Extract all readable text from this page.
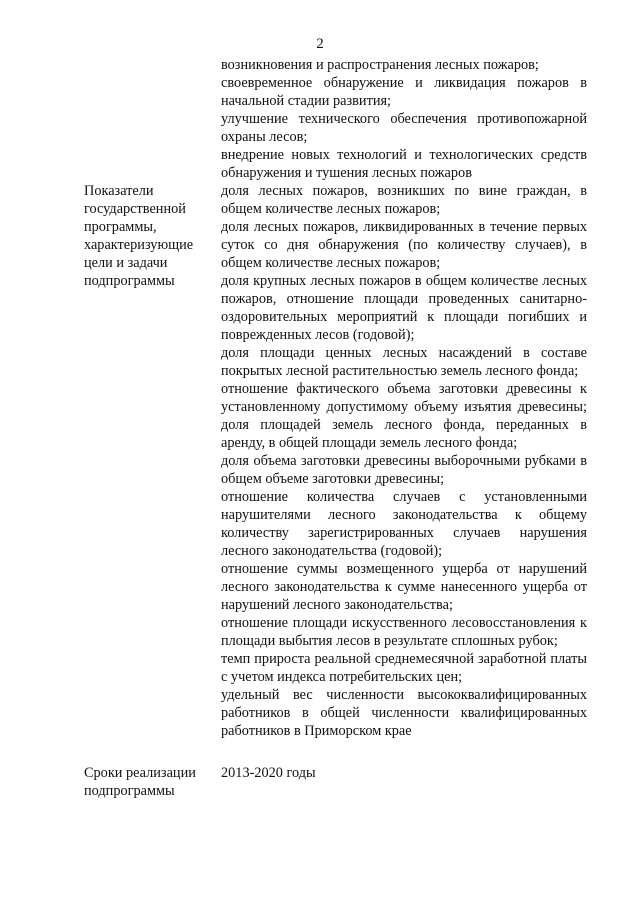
2
Показатели государственной программы, характеризующие цели и задачи подпрограммы

возникновения и распространения лесных пожаров;

своевременное обнаружение и ликвидация пожаров в начальной стадии развития;

улучшение технического обеспечения противопожарной охраны лесов;

внедрение новых технологий и технологических средств обнаружения и тушения лесных пожаров

доля лесных пожаров, возникших по вине граждан, в общем количестве лесных пожаров;

доля лесных пожаров, ликвидированных в течение первых суток со дня обнаружения (по количеству случаев), в общем количестве лесных пожаров;

доля крупных лесных пожаров в общем количестве лесных пожаров, отношение площади проведенных санитарно-оздоровительных мероприятий к площади погибших и поврежденных лесов (годовой);

доля площади ценных лесных насаждений в составе покрытых лесной растительностью земель лесного фонда;

отношение фактического объема заготовки древесины к установленному допустимому объему изъятия древесины; доля площадей земель лесного фонда, переданных в аренду, в общей площади земель лесного фонда;

доля объема заготовки древесины выборочными рубками в общем объеме заготовки древесины;

отношение количества случаев с установленными нарушителями лесного законодательства к общему количеству зарегистрированных случаев нарушения лесного законодательства (годовой);

отношение суммы возмещенного ущерба от нарушений лесного законодательства к сумме нанесенного ущерба от нарушений лесного законодательства;

отношение площади искусственного лесовосстановления к площади выбытия лесов в результате сплошных рубок;

темп прироста реальной среднемесячной заработной платы с учетом индекса потребительских цен;

удельный вес численности высококвалифицированных работников в общей численности квалифицированных работников в Приморском крае

Сроки реализации подпрограммы
2013-2020 годы
